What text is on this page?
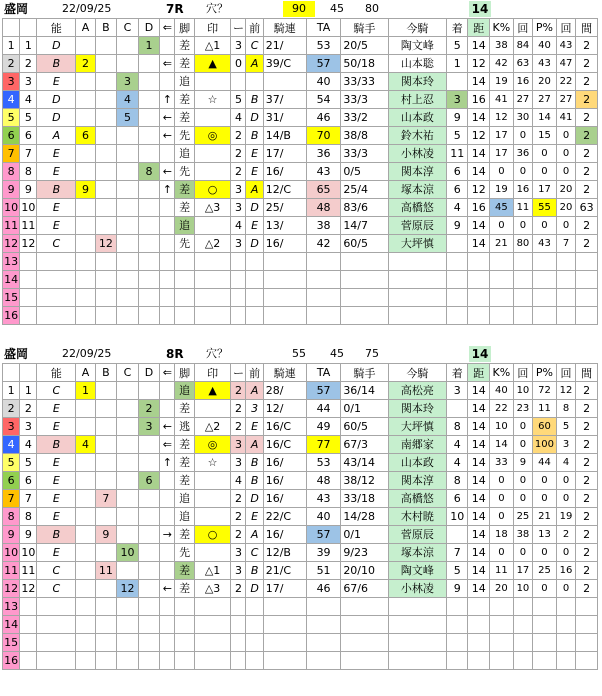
盛岡	22/09/25	7R 穴？	90	45	80	14
		能	A	B	C	D	⇐	脚	印	ー	前	騎連	TA	騎手	今騎	着	距	K%	回	P%	回	間
1	1	D				1		差	△1	3	C	21/	53	20/5	陶文峰	5	14	38	84	40	43	2
2	2	B	2				⇐	差	▲	0	A	39/C	57	50/18	山本聡	1	12	42	63	43	47	2
3	3	E			3			追					40	33/33	関本玲		14	19	16	20	22	2
4	4	D			4		↑	差	☆	5	B	37/	54	33/3	村上忍	3	16	41	27	27	27	2
5	5	D			5		←	差		4	D	31/	46	33/2	山本政	9	14	12	30	14	41	2
6	6	A	6				←	先	◎	2	B	14/B	70	38/8	鈴木祐	5	12	17	0	15	0	2
7	7	E						追		2	E	17/	36	33/3	小林凌	11	14	17	36	0	0	2
8	8	E				8	←	先		2	E	16/	43	0/5	関本淳	6	14	0	0	0	0	2
9	9	B	9				↑	差	○	3	A	12/C	65	25/4	塚本涼	6	12	19	16	17	20	2
10	10	E						差	△3	3	D	25/	48	83/6	高橋悠	4	16	45	11	55	20	63
11	11	E						追		4	E	13/	38	14/7	菅原辰	9	14	0	0	0	0	2
12	12	C		12				先	△2	3	D	16/	42	60/5	大坪慎		14	21	80	43	7	2
13																						
14																						
15																						
16																						
盛岡	22/09/25	8R 穴？	55	45	75	14
		能	A	B	C	D	⇐	脚	印	ー	前	騎連	TA	騎手	今騎	着	距	K%	回	P%	回	間
1	1	C	1					追	▲	2	A	28/	57	36/14	高松亮	3	14	40	10	72	12	2
2	2	E				2		差		2	3	12/	44	0/1	関本玲		14	22	23	11	8	2
3	3	E				3	←	逃	△2	2	E	16/C	49	60/5	大坪慎	8	14	10	0	60	5	2
4	4	B	4				⇐	差	◎	3	A	16/C	77	67/3	南郷家	4	14	14	0	100	3	2
5	5	E					↑	差	☆	3	B	16/	53	43/14	山本政	4	14	33	9	44	4	2
6	6	E				6		差		4	B	16/	48	38/12	関本淳	8	14	0	0	0	0	2
7	7	E		7				追		2	D	16/	43	33/18	高橋悠	6	14	0	0	0	0	2
8	8	E						追		2	E	22/C	40	14/28	木村暁	10	14	0	25	21	19	2
9	9	B		9			→	差	○	2	A	16/	57	0/1	菅原辰		14	18	38	13	2	2
10	10	E			10			先		3	C	12/B	39	9/23	塚本涼	7	14	0	0	0	0	2
11	11	C		11				差	△1	3	B	21/C	51	20/10	陶文峰	5	14	11	17	25	16	2
12	12	C			12		←	差	△3	2	D	17/	46	67/6	小林凌	9	14	20	10	0	0	2
13																						
14																						
15																						
16																						
